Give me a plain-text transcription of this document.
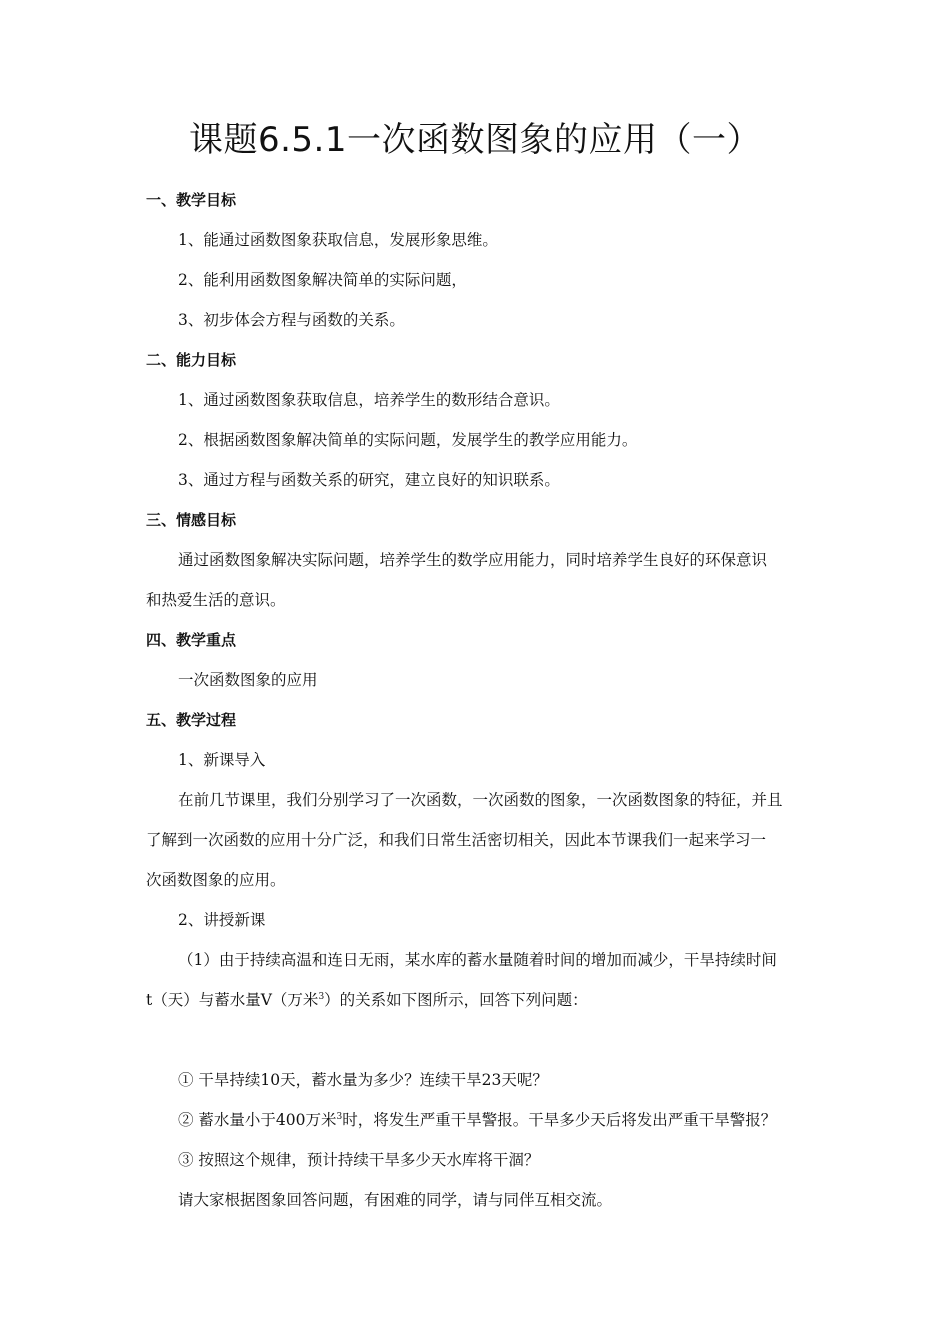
课题6.5.1一次函数图象的应用（一）
一、教学目标
1、能通过函数图象获取信息，发展形象思维。
2、能利用函数图象解决简单的实际问题，
3、初步体会方程与函数的关系。
二、能力目标
1、通过函数图象获取信息，培养学生的数形结合意识。
2、根据函数图象解决简单的实际问题，发展学生的教学应用能力。
3、通过方程与函数关系的研究，建立良好的知识联系。
三、情感目标
通过函数图象解决实际问题，培养学生的数学应用能力，同时培养学生良好的环保意识
和热爱生活的意识。
四、教学重点
一次函数图象的应用
五、教学过程
1、新课导入
在前几节课里，我们分别学习了一次函数，一次函数的图象，一次函数图象的特征，并且
了解到一次函数的应用十分广泛，和我们日常生活密切相关，因此本节课我们一起来学习一
次函数图象的应用。
2、讲授新课
（1）由于持续高温和连日无雨，某水库的蓄水量随着时间的增加而减少，干旱持续时间
t（天）与蓄水量V（万米$^3$）的关系如下图所示，回答下列问题：
① 干旱持续10天，蓄水量为多少？连续干旱23天呢？
② 蓄水量小于400万米$^3$时，将发生严重干旱警报。干旱多少天后将发出严重干旱警报？
③ 按照这个规律，预计持续干旱多少天水库将干涸？
请大家根据图象回答问题，有困难的同学，请与同伴互相交流。
